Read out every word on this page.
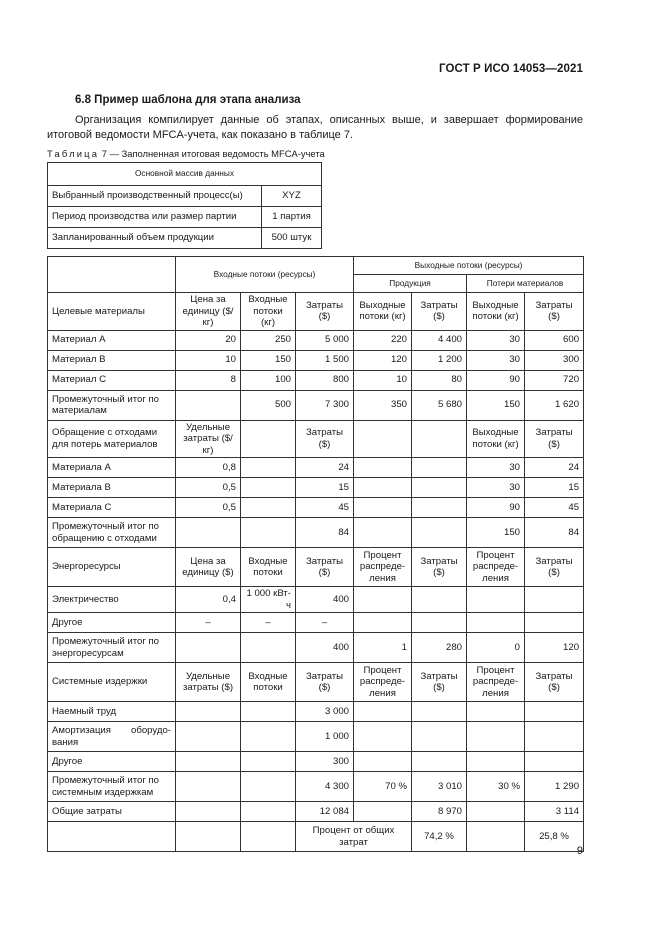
ГОСТ Р ИСО 14053—2021
6.8 Пример шаблона для этапа анализа

Организация компилирует данные об этапах, описанных выше, и завершает формирование итоговой ведомости MFCA-учета, как показано в таблице 7.

Таблица 7 — Заполненная итоговая ведомость MFCA-учета
Основной массив данных	
Выбранный производственный процесс(ы)	XYZ
Период производства или размер партии	1 партия
Запланированный объем продукции	500 штук
	Входные потоки (ресурсы)			Выходные потоки (ресурсы)			
				Продукция		Потери материалов	
Целевые материалы	Цена за единицу ($/кг)	Входные потоки (кг)	Затраты ($)	Выходные потоки (кг)	Затраты ($)	Выходные потоки (кг)	Затраты ($)
Материал А	20	250	5 000	220	4 400	30	600
Материал В	10	150	1 500	120	1 200	30	300
Материал С	8	100	800	10	80	90	720
Промежуточный итог по материалам		500	7 300	350	5 680	150	1 620
Обращение с отходами для потерь материалов	Удельные затраты ($/кг)		Затраты ($)			Выходные потоки (кг)	Затраты ($)
Материала А	0,8		24			30	24
Материала В	0,5		15			30	15
Материала С	0,5		45			90	45
Промежуточный итог по обращению с отходами			84			150	84
Энергоресурсы	Цена за единицу ($)	Входные потоки	Затраты ($)	Процент распреде-ления	Затраты ($)	Процент распреде-ления	Затраты ($)
Электричество	0,4	1 000 кВт-ч	400				
Другое	–	–	–				
Промежуточный итог по энергоресурсам			400	1	280	0	120
Системные издержки	Удельные затраты ($)	Входные потоки	Затраты ($)	Процент распреде-ления	Затраты ($)	Процент распреде-ления	Затраты ($)
Наемный труд			3 000				
Амортизация оборудо-вания			1 000				
Другое			300				
Промежуточный итог по системным издержкам			4 300	70 %	3 010	30 %	1 290
Общие затраты			12 084		8 970		3 114
			Процент от общих затрат		74,2 %		25,8 %
9
